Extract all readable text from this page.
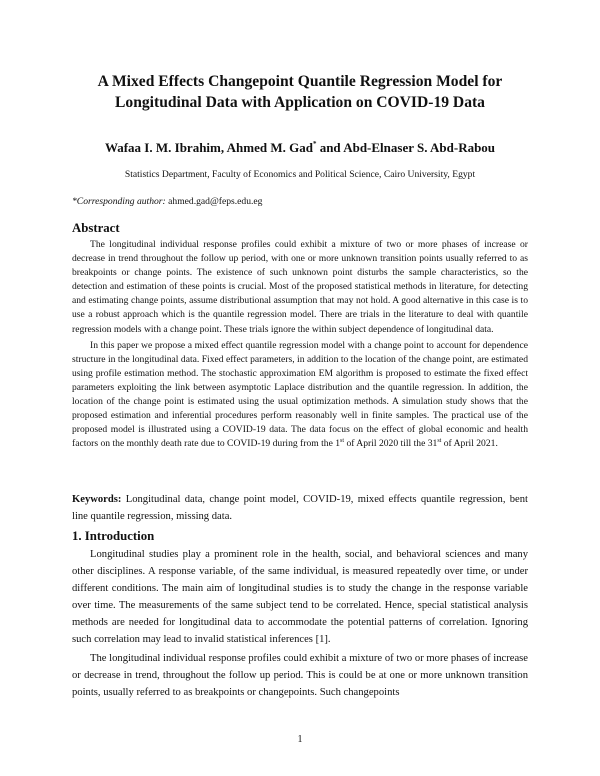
A Mixed Effects Changepoint Quantile Regression Model for
Longitudinal Data with Application on COVID-19 Data
Wafaa I. M. Ibrahim, Ahmed M. Gad* and Abd-Elnaser S. Abd-Rabou
Statistics Department, Faculty of Economics and Political Science, Cairo University, Egypt
*Corresponding author: ahmed.gad@feps.edu.eg
Abstract

The longitudinal individual response profiles could exhibit a mixture of two or more phases of increase or decrease in trend throughout the follow up period, with one or more unknown transition points usually referred to as breakpoints or change points. The existence of such unknown point disturbs the sample characteristics, so the detection and estimation of these points is crucial. Most of the proposed statistical methods in literature, for detecting and estimating change points, assume distributional assumption that may not hold. A good alternative in this case is to use a robust approach which is the quantile regression model. There are trials in the literature to deal with quantile regression models with a change point. These trials ignore the within subject dependence of longitudinal data.

In this paper we propose a mixed effect quantile regression model with a change point to account for dependence structure in the longitudinal data. Fixed effect parameters, in addition to the location of the change point, are estimated using profile estimation method. The stochastic approximation EM algorithm is proposed to estimate the fixed effect parameters exploiting the link between asymptotic Laplace distribution and the quantile regression. In addition, the location of the change point is estimated using the usual optimization methods. A simulation study shows that the proposed estimation and inferential procedures perform reasonably well in finite samples. The practical use of the proposed model is illustrated using a COVID-19 data. The data focus on the effect of global economic and health factors on the monthly death rate due to COVID-19 during from the 1st of April 2020 till the 31st of April 2021.

Keywords: Longitudinal data, change point model, COVID-19, mixed effects quantile regression, bent line quantile regression, missing data.
1. Introduction

Longitudinal studies play a prominent role in the health, social, and behavioral sciences and many other disciplines. A response variable, of the same individual, is measured repeatedly over time, or under different conditions. The main aim of longitudinal studies is to study the change in the response variable over time. The measurements of the same subject tend to be correlated. Hence, special statistical analysis methods are needed for longitudinal data to accommodate the potential patterns of correlation. Ignoring such correlation may lead to invalid statistical inferences [1].

The longitudinal individual response profiles could exhibit a mixture of two or more phases of increase or decrease in trend, throughout the follow up period. This is could be at one or more unknown transition points, usually referred to as breakpoints or changepoints. Such changepoints

1
